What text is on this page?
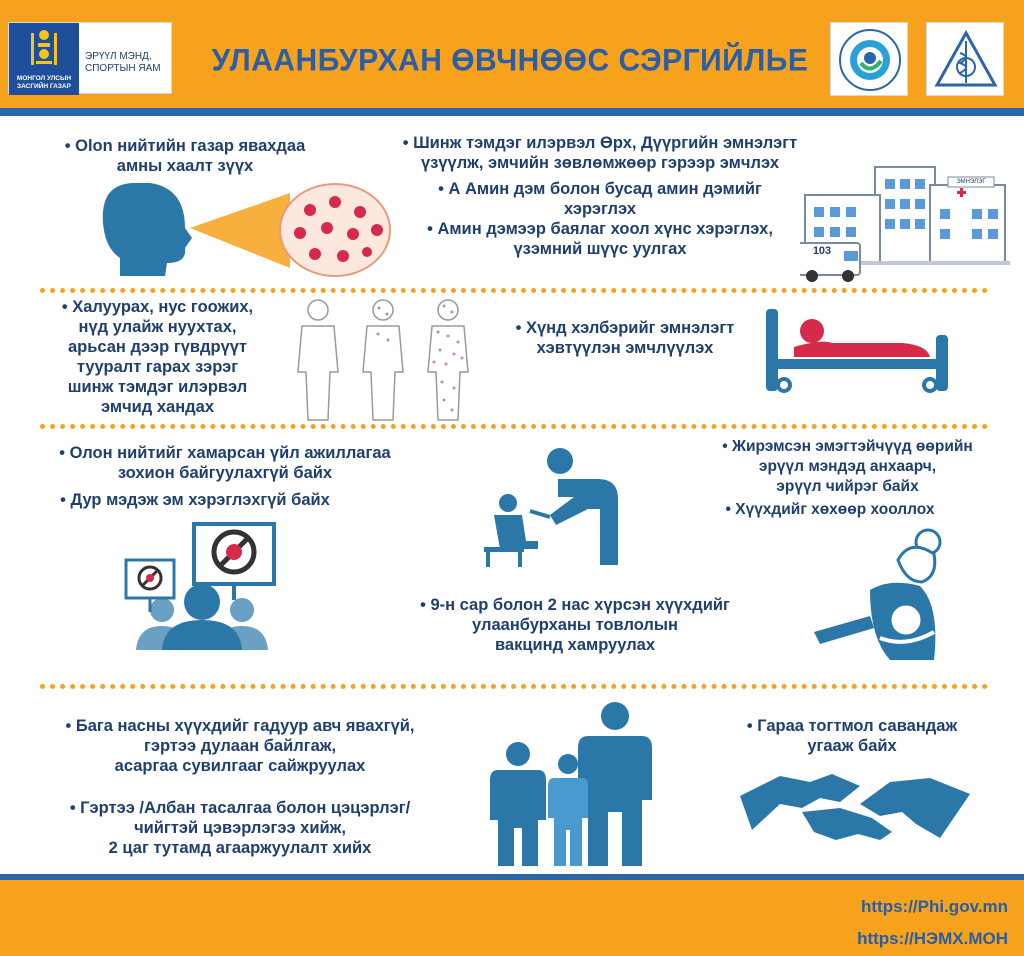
МОНГОЛ УЛСЫН ЗАСГИЙН ГАЗАР
ЭРҮҮЛ МЭНД,
СПОРТЫН ЯАМ	УЛААНБУРХАН ӨВЧНӨӨС СЭРГИЙЛЬЕ
• Olon нийтийн газар явахдаа
амны хаалт зүүх
• Шинж тэмдэг илэрвэл Өрх, Дүүргийн эмнэлэгт
үзүүлж, эмчийн зөвлөмжөөр гэрээр эмчлэх
• А Амин дэм болон бусад амин дэмийг
хэрэглэх
• Амин дэмээр баялаг хоол хүнс хэрэглэх,
үзэмний шүүс уулгах	103
ЭМНЭЛЭГ
• Халуурах, нус гоожих,
нүд улайж нуухтах,
арьсан дээр гүвдрүүт
тууралт гарах зэрэг
шинж тэмдэг илэрвэл
эмчид хандах
• Хүнд хэлбэрийг эмнэлэгт
хэвтүүлэн эмчлүүлэх
• Олон нийтийг хамарсан үйл ажиллагаа
зохион байгуулахгүй байх
• Дур мэдэж эм хэрэглэхгүй байх
• 9-н сар болон 2 нас хүрсэн хүүхдийг
улаанбурханы товлолын
вакцинд хамруулах
• Жирэмсэн эмэгтэйчүүд өөрийн
эрүүл мэндэд анхаарч,
эрүүл чийрэг байх
• Хүүхдийг хөхөөр хооллох
• Бага насны хүүхдийг гадуур авч явахгүй,
гэртээ дулаан байлгаж,
асаргаа сувилгааг сайжруулах
• Гэртээ /Албан тасалгаа болон цэцэрлэг/
чийгтэй цэвэрлэгээ хийж,
2 цаг тутамд агааржуулалт хийх
• Гараа тогтмол савандаж
угааж байх
https://Phi.gov.mn
https://НЭМХ.МОН
